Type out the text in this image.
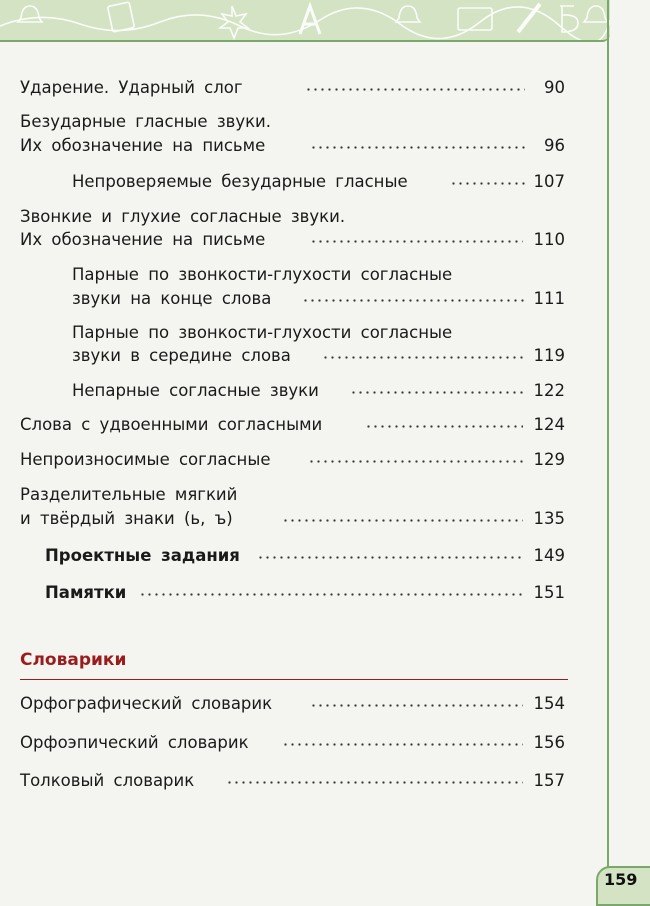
Ударение. Ударный слог	90
Безударные гласные звуки.
Их обозначение на письме	96
Непроверяемые безударные гласные	107
Звонкие и глухие согласные звуки.
Их обозначение на письме	110
Парные по звонкости-глухости согласные
звуки на конце слова	111
Парные по звонкости-глухости согласные
звуки в середине слова	119
Непарные согласные звуки	122
Слова с удвоенными согласными	124
Непроизносимые согласные	129
Разделительные мягкий
и твёрдый знаки (ь, ъ)	135
Проектные задания	149
Памятки	151
Словарики
Орфографический словарик	154
Орфоэпический словарик	156
Толковый словарик	157
159
